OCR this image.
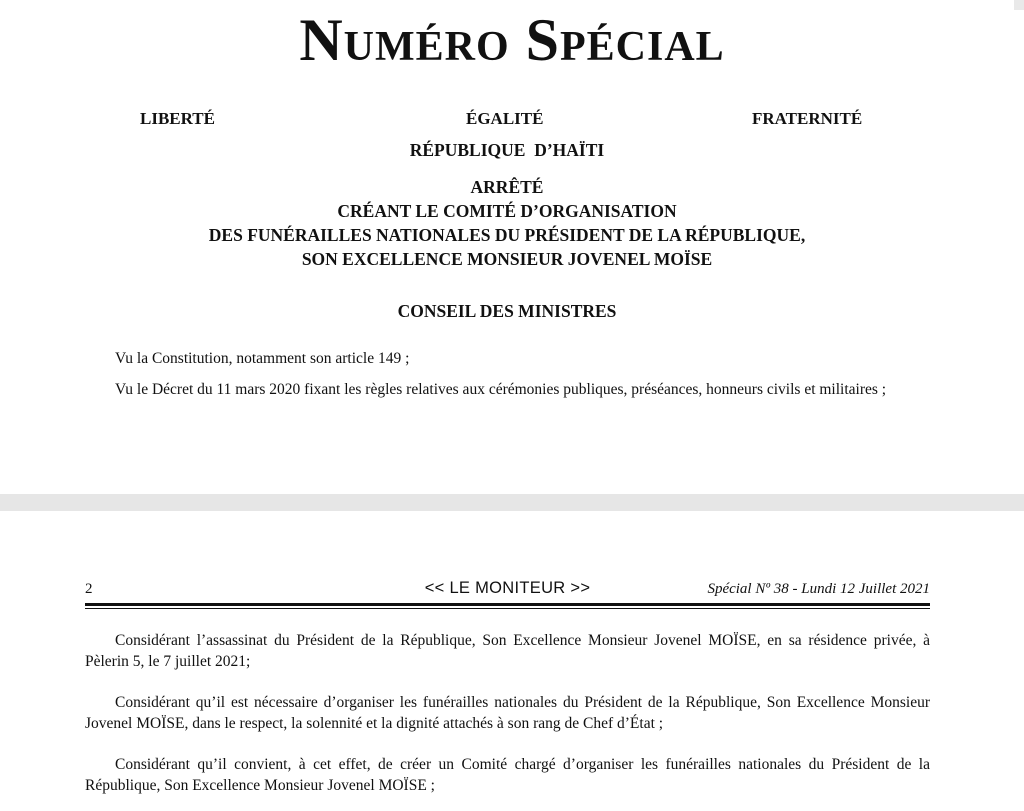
Numéro Spécial
LIBERTÉ	ÉGALITÉ	FRATERNITÉ
RÉPUBLIQUE  D’HAÏTI
ARRÊTÉ
CRÉANT LE COMITÉ D’ORGANISATION
DES FUNÉRAILLES NATIONALES DU PRÉSIDENT DE LA RÉPUBLIQUE,
SON EXCELLENCE MONSIEUR JOVENEL MOÏSE
CONSEIL DES MINISTRES

Vu la Constitution, notamment son article 149 ;

Vu le Décret du 11 mars 2020 fixant les règles relatives aux cérémonies publiques, préséances, honneurs civils et militaires ;

2	<< LE MONITEUR >>	Spécial Nº 38 - Lundi 12 Juillet 2021

Considérant l’assassinat du Président de la République, Son Excellence Monsieur Jovenel MOÏSE, en sa résidence privée, à Pèlerin 5, le 7 juillet 2021;

Considérant qu’il est nécessaire d’organiser les funérailles nationales du Président de la République, Son Excellence Monsieur Jovenel MOÏSE, dans le respect, la solennité et la dignité attachés à son rang de Chef d’État ;

Considérant qu’il convient, à cet effet, de créer un Comité chargé d’organiser les funérailles nationales du Président de la République, Son Excellence Monsieur Jovenel MOÏSE ;
